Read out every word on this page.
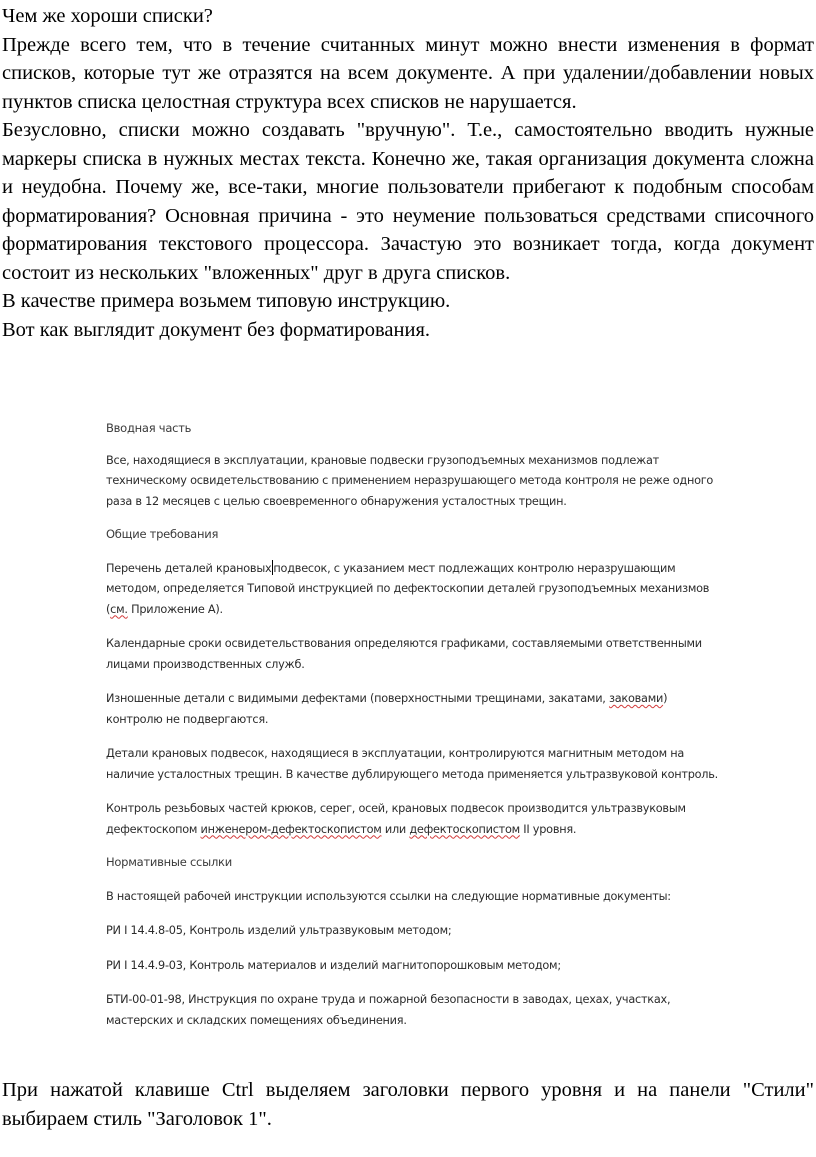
Чем же хороши списки?

Прежде всего тем, что в течение считанных минут можно внести изменения в формат списков, которые тут же отразятся на всем документе. А при удалении/добавлении новых пунктов списка целостная структура всех списков не нарушается.

Безусловно, списки можно создавать "вручную". Т.е., самостоятельно вводить нужные маркеры списка в нужных местах текста. Конечно же, такая организация документа сложна и неудобна. Почему же, все-таки, многие пользователи прибегают к подобным способам форматирования? Основная причина - это неумение пользоваться средствами списочного форматирования текстового процессора. Зачастую это возникает тогда, когда документ состоит из нескольких "вложенных" друг в друга списков.

В качестве примера возьмем типовую инструкцию.

Вот как выглядит документ без форматирования.

Вводная часть

Все, находящиеся в эксплуатации, крановые подвески грузоподъемных механизмов подлежат техническому освидетельствованию с применением неразрушающего метода контроля не реже одного раза в 12 месяцев с целью своевременного обнаружения усталостных трещин.

Общие требования

Перечень деталей крановых подвесок, с указанием мест подлежащих контролю неразрушающим методом, определяется Типовой инструкцией по дефектоскопии деталей грузоподъемных механизмов (см. Приложение А).

Календарные сроки освидетельствования определяются графиками, составляемыми ответственными лицами производственных служб.

Изношенные детали с видимыми дефектами (поверхностными трещинами, закатами, заковами) контролю не подвергаются.

Детали крановых подвесок, находящиеся в эксплуатации, контролируются магнитным методом на наличие усталостных трещин. В качестве дублирующего метода применяется ультразвуковой контроль.

Контроль резьбовых частей крюков, серег, осей, крановых подвесок производится ультразвуковым дефектоскопом инженером-дефектоскопистом или дефектоскопистом II уровня.

Нормативные ссылки

В настоящей рабочей инструкции используются ссылки на следующие нормативные документы:

РИ I 14.4.8-05, Контроль изделий ультразвуковым методом;

РИ I 14.4.9-03, Контроль материалов и изделий магнитопорошковым методом;

БТИ-00-01-98, Инструкция по охране труда и пожарной безопасности в заводах, цехах, участках, мастерских и складских помещениях объединения.

При нажатой клавише Ctrl выделяем заголовки первого уровня и на панели "Стили" выбираем стиль "Заголовок 1".
